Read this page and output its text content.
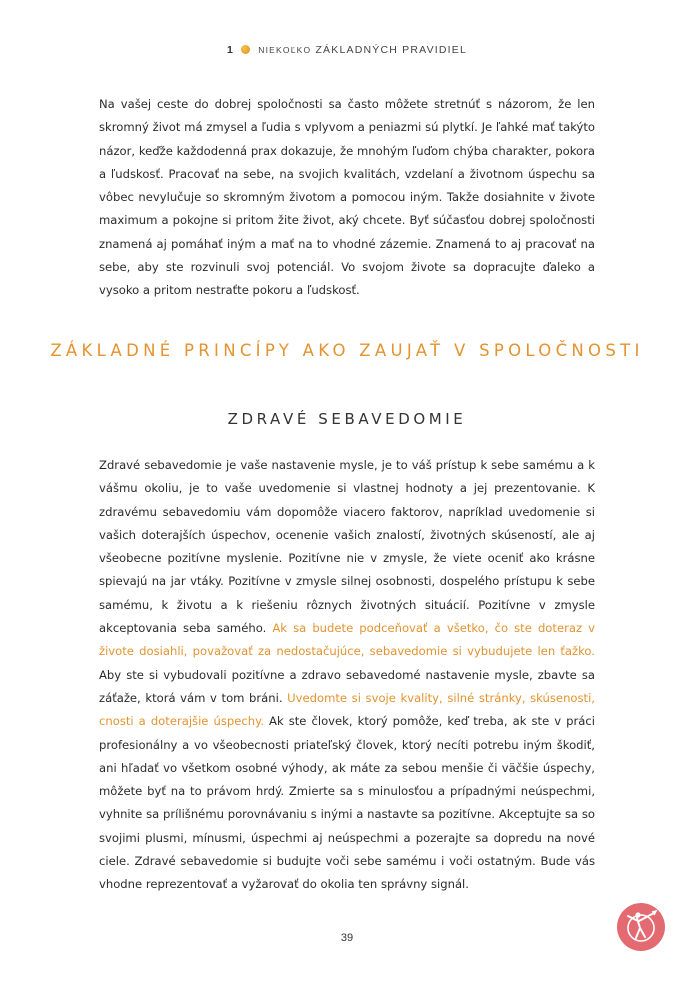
1	NIEKOĽKO ZÁKLADNÝCH PRAVIDIEL

Na vašej ceste do dobrej spoločnosti sa často môžete stretnúť s názorom, že len skromný život má zmysel a ľudia s vplyvom a peniazmi sú plytkí. Je ľahké mať takýto názor, keďže každodenná prax dokazuje, že mnohým ľuďom chýba charakter, pokora a ľudskosť. Pracovať na sebe, na svojich kvalitách, vzdelaní a životnom úspechu sa vôbec nevylučuje so skromným životom a pomocou iným. Takže dosiahnite v živote maximum a pokojne si pritom žite život, aký chcete. Byť súčasťou dobrej spoločnosti znamená aj pomáhať iným a mať na to vhodné zázemie. Znamená to aj pracovať na sebe, aby ste rozvinuli svoj potenciál. Vo svojom živote sa dopracujte ďaleko a vysoko a pritom nestraťte pokoru a ľudskosť.

ZÁKLADNÉ PRINCÍPY AKO ZAUJAŤ V SPOLOČNOSTI
ZDRAVÉ SEBAVEDOMIE

Zdravé sebavedomie je vaše nastavenie mysle, je to váš prístup k sebe samému a k vášmu okoliu, je to vaše uvedomenie si vlastnej hodnoty a jej prezentovanie. K zdravému sebavedomiu vám dopomôže viacero faktorov, napríklad uvedomenie si vašich doterajších úspechov, ocenenie vašich znalostí, životných skúseností, ale aj všeobecne pozitívne myslenie. Pozitívne nie v zmysle, že viete oceniť ako krásne spievajú na jar vtáky. Pozitívne v zmysle silnej osobnosti, dospelého prístupu k sebe samému, k životu a k riešeniu rôznych životných situácií. Pozitívne v zmysle akceptovania seba samého. Ak sa budete podceňovať a všetko, čo ste doteraz v živote dosiahli, považovať za nedostačujúce, sebavedomie si vybudujete len ťažko. Aby ste si vybudovali pozitívne a zdravo sebavedomé nastavenie mysle, zbavte sa záťaže, ktorá vám v tom bráni. Uvedomte si svoje kvality, silné stránky, skúsenosti, cnosti a doterajšie úspechy. Ak ste človek, ktorý pomôže, keď treba, ak ste v práci profesionálny a vo všeobecnosti priateľský človek, ktorý necíti potrebu iným škodiť, ani hľadať vo všetkom osobné výhody, ak máte za sebou menšie či väčšie úspechy, môžete byť na to právom hrdý. Zmierte sa s minulosťou a prípadnými neúspechmi, vyhnite sa prílišnému porovnávaniu s inými a nastavte sa pozitívne. Akceptujte sa so svojimi plusmi, mínusmi, úspechmi aj neúspechmi a pozerajte sa dopredu na nové ciele. Zdravé sebavedomie si budujte voči sebe samému i voči ostatným. Bude vás vhodne reprezentovať a vyžarovať do okolia ten správny signál.

39
